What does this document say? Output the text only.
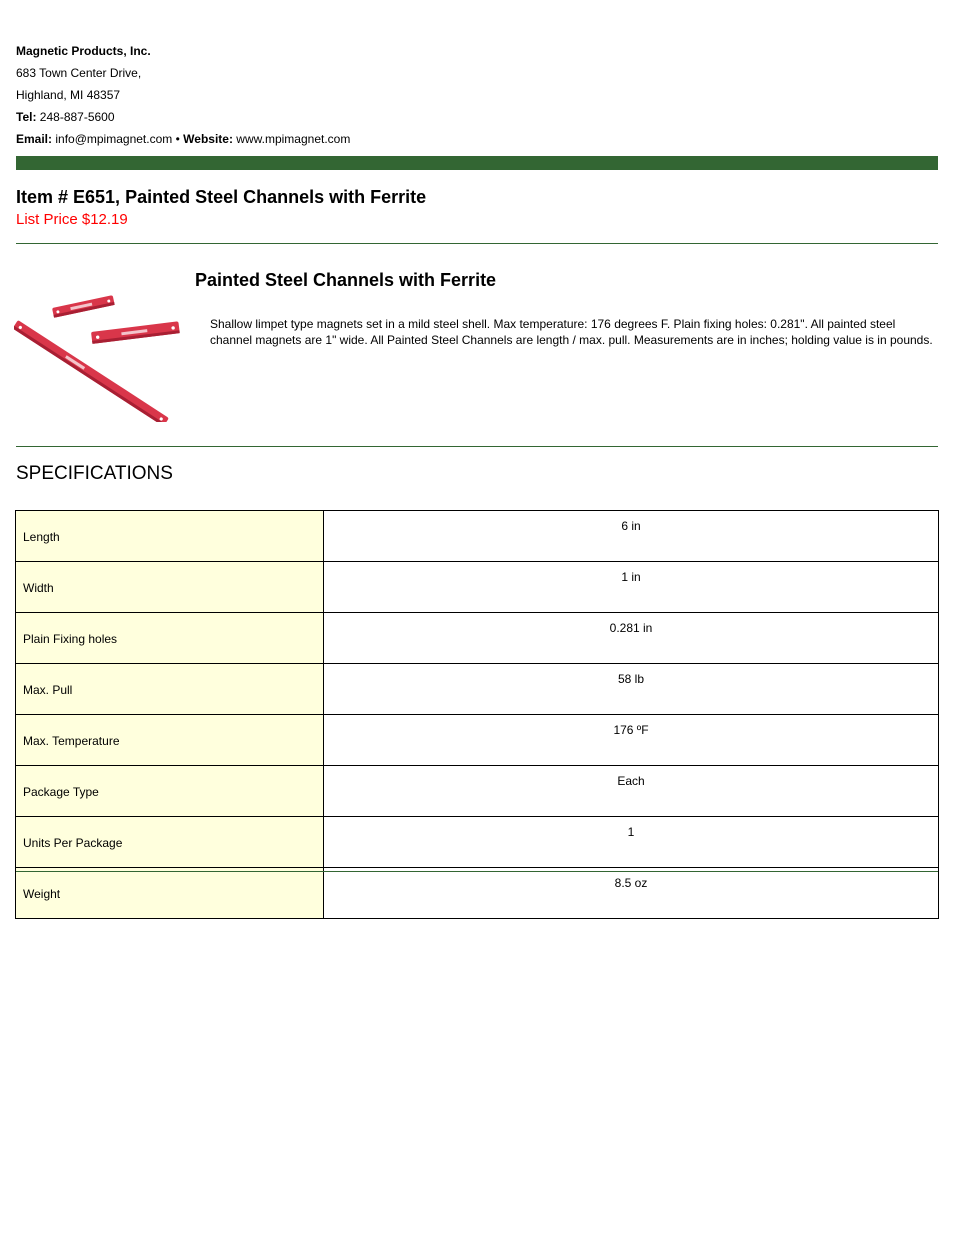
Magnetic Products, Inc.
683 Town Center Drive,
Highland, MI 48357
Tel: 248-887-5600
Email: info@mpimagnet.com • Website: www.mpimagnet.com
Item # E651, Painted Steel Channels with Ferrite
List Price $12.19
Painted Steel Channels with Ferrite

Shallow limpet type magnets set in a mild steel shell. Max temperature: 176 degrees F. Plain fixing holes: 0.281". All painted steel channel magnets are 1" wide. All Painted Steel Channels are length / max. pull. Measurements are in inches; holding value is in pounds.

SPECIFICATIONS
Length	6 in
Width	1 in
Plain Fixing holes	0.281 in
Max. Pull	58 lb
Max. Temperature	176 ºF
Package Type	Each
Units Per Package	1
Weight	8.5 oz
